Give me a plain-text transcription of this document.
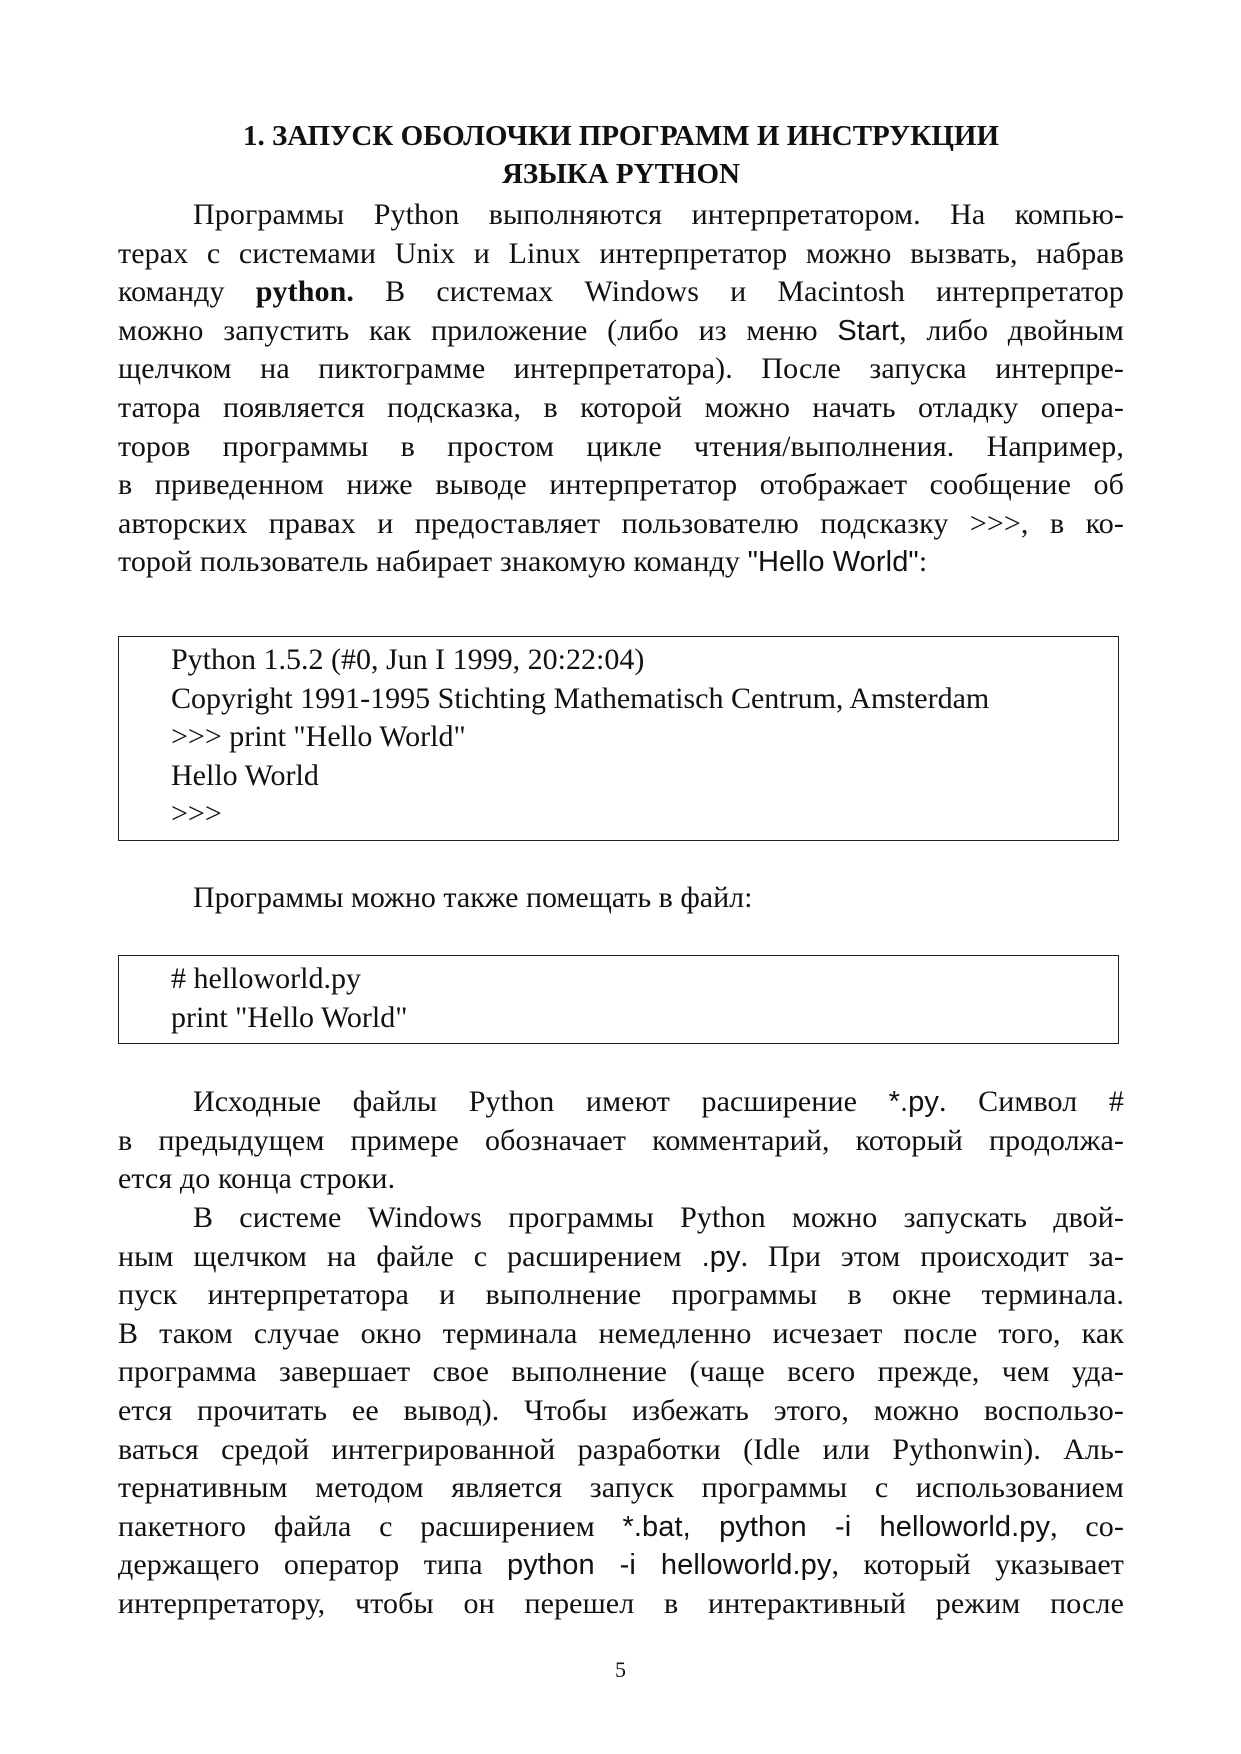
1. ЗАПУСК ОБОЛОЧКИ ПРОГРАММ И ИНСТРУКЦИИ
ЯЗЫКА PYTHON
Программы Python выполняются интерпретатором. На компью-
терах с системами Unix и Linux интерпретатор можно вызвать, набрав
команду python. В системах Windows и Macintosh интерпретатор
можно запустить как приложение (либо из меню Start, либо двойным
щелчком на пиктограмме интерпретатора). После запуска интерпре-
татора появляется подсказка, в которой можно начать отладку опера-
торов программы в простом цикле чтения/выполнения. Например,
в приведенном ниже выводе интерпретатор отображает сообщение об
авторских правах и предоставляет пользователю подсказку >>>, в ко-
торой пользователь набирает знакомую команду "Hello World":
Python 1.5.2 (#0, Jun I 1999, 20:22:04)
Copyright 1991-1995 Stichting Mathematisch Centrum, Amsterdam
>>> print "Hello World"
Hello World
>>>

Программы можно также помещать в файл:

# helloworld.py
print "Hello World"
Исходные файлы Python имеют расширение *.py. Символ #
в предыдущем примере обозначает комментарий, который продолжа-
ется до конца строки.
В системе Windows программы Python можно запускать двой-
ным щелчком на файле с расширением .py. При этом происходит за-
пуск интерпретатора и выполнение программы в окне терминала.
В таком случае окно терминала немедленно исчезает после того, как
программа завершает свое выполнение (чаще всего прежде, чем уда-
ется прочитать ее вывод). Чтобы избежать этого, можно воспользо-
ваться средой интегрированной разработки (Idle или Pythonwin). Аль-
тернативным методом является запуск программы с использованием
пакетного файла с расширением *.bat, python -i helloworld.py, со-
держащего оператор типа python -i helloworld.py, который указывает
интерпретатору, чтобы он перешел в интерактивный режим после
5
